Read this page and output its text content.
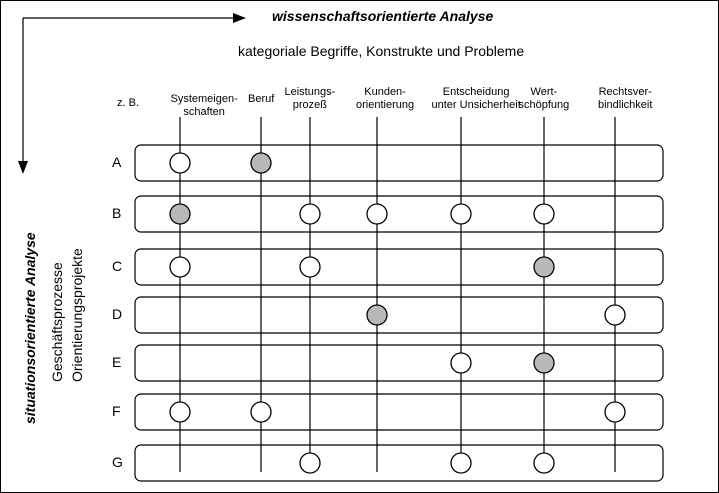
wissenschaftsorientierte Analyse
kategoriale Begriffe, Konstrukte und Probleme
z. B.	Systemeigen-
schaften
Beruf
Leistungs-
prozeß
Kunden-
orientierung
Entscheidung
unter Unsicherheit
Wert-
schöpfung
Rechtsver-
bindlichkeit
A
B
C
D
E
F
G
situationsorientierte Analyse Geschäftsprozesse Orientierungsprojekte
